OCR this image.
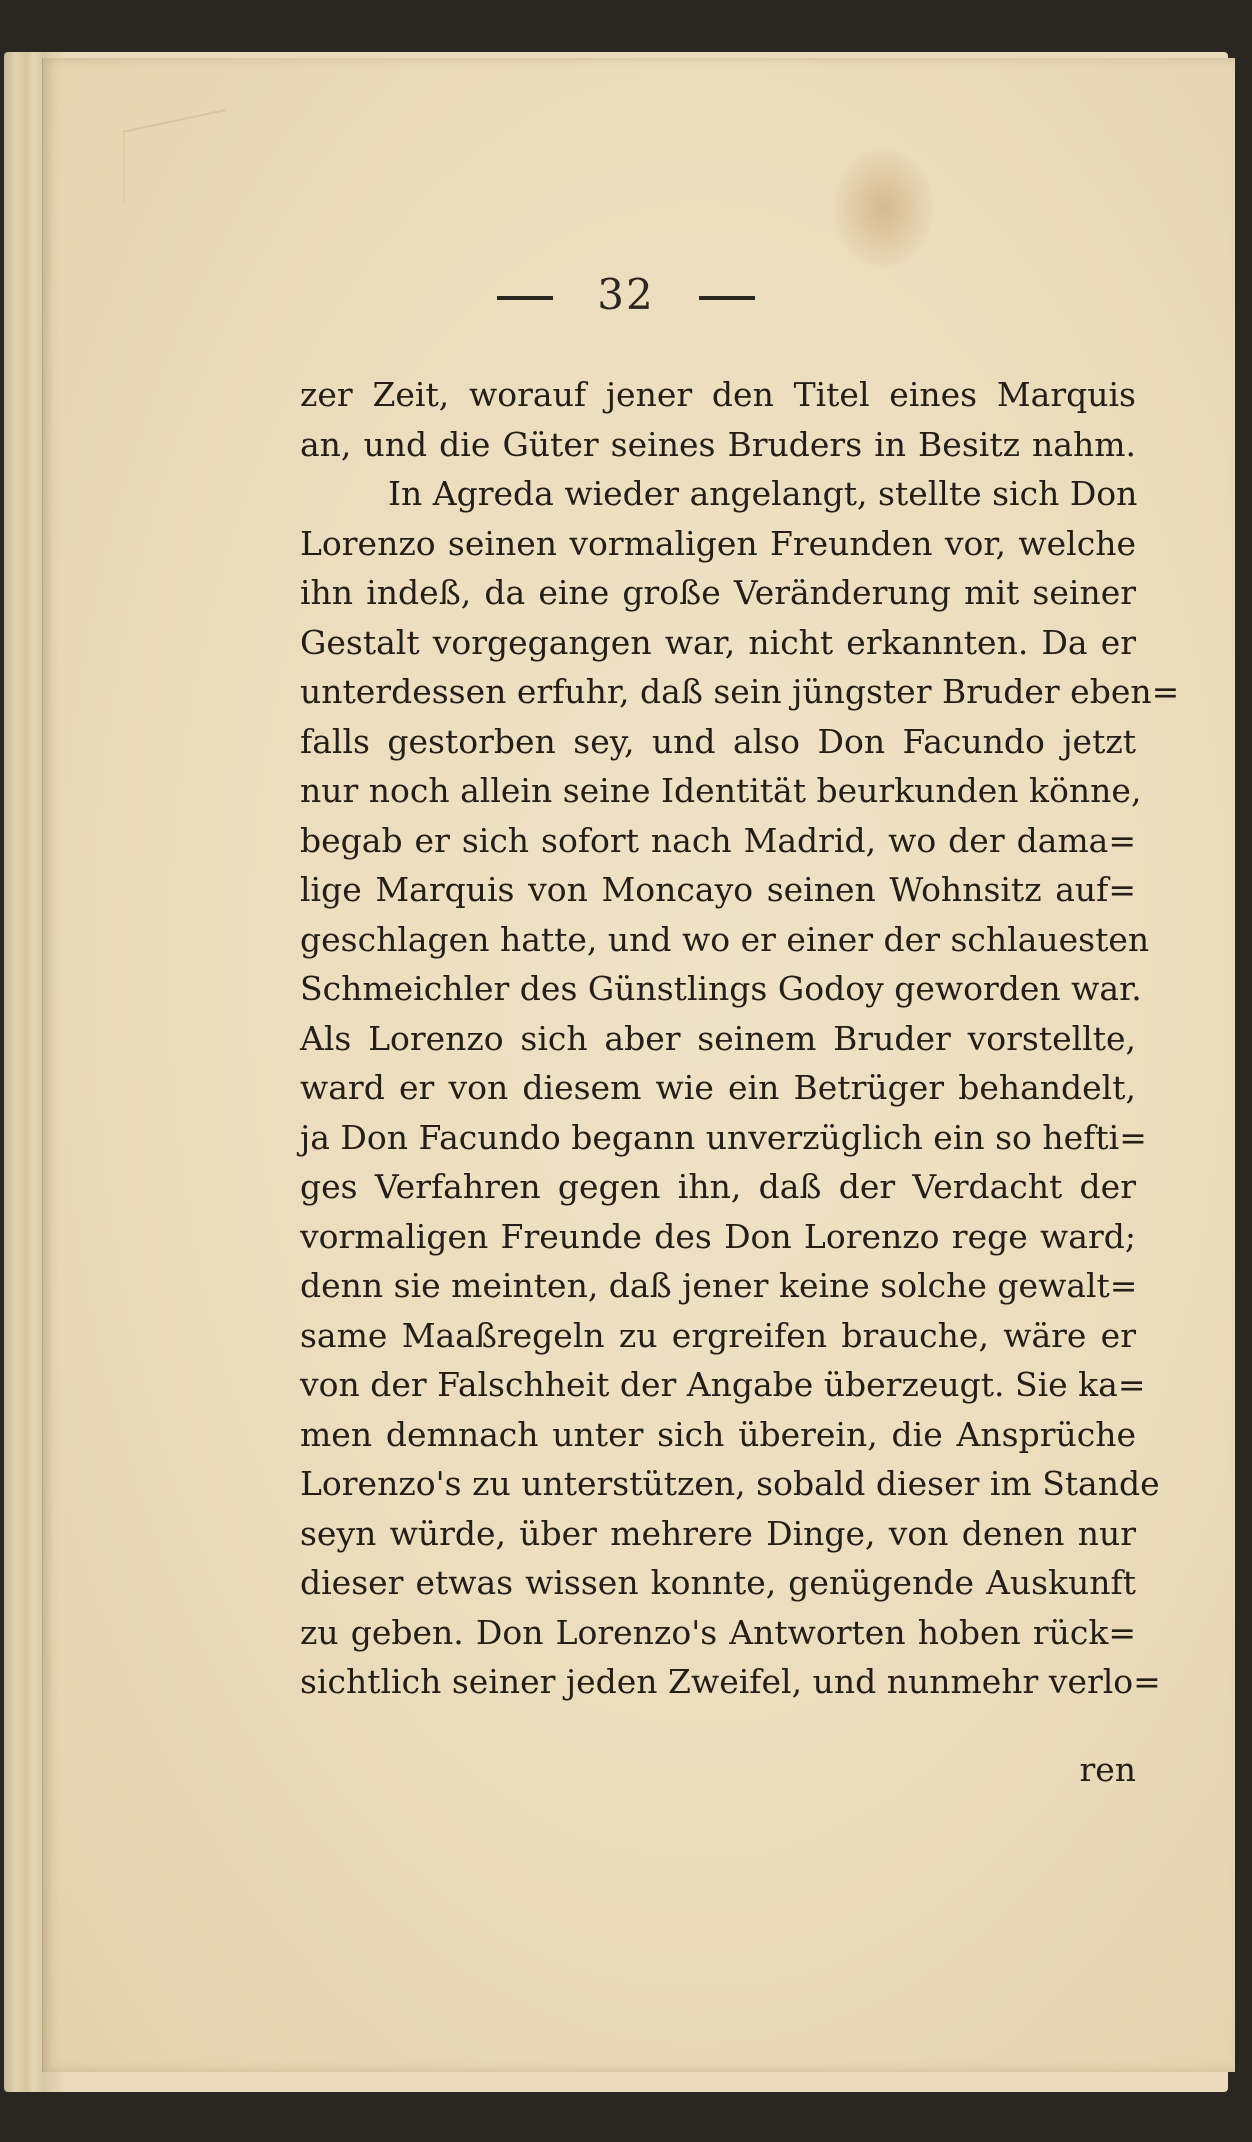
32
zer Zeit, worauf jener den Titel eines Marquis
an, und die Güter seines Bruders in Besitz nahm.
In Agreda wieder angelangt, stellte sich Don
Lorenzo seinen vormaligen Freunden vor, welche
ihn indeß, da eine große Veränderung mit seiner
Gestalt vorgegangen war, nicht erkannten. Da er
unterdessen erfuhr, daß sein jüngster Bruder eben=
falls gestorben sey, und also Don Facundo jetzt
nur noch allein seine Identität beurkunden könne,
begab er sich sofort nach Madrid, wo der dama=
lige Marquis von Moncayo seinen Wohnsitz auf=
geschlagen hatte, und wo er einer der schlauesten
Schmeichler des Günstlings Godoy geworden war.
Als Lorenzo sich aber seinem Bruder vorstellte,
ward er von diesem wie ein Betrüger behandelt,
ja Don Facundo begann unverzüglich ein so hefti=
ges Verfahren gegen ihn, daß der Verdacht der
vormaligen Freunde des Don Lorenzo rege ward;
denn sie meinten, daß jener keine solche gewalt=
same Maaßregeln zu ergreifen brauche, wäre er
von der Falschheit der Angabe überzeugt. Sie ka=
men demnach unter sich überein, die Ansprüche
Lorenzo's zu unterstützen, sobald dieser im Stande
seyn würde, über mehrere Dinge, von denen nur
dieser etwas wissen konnte, genügende Auskunft
zu geben. Don Lorenzo's Antworten hoben rück=
sichtlich seiner jeden Zweifel, und nunmehr verlo=
ren
